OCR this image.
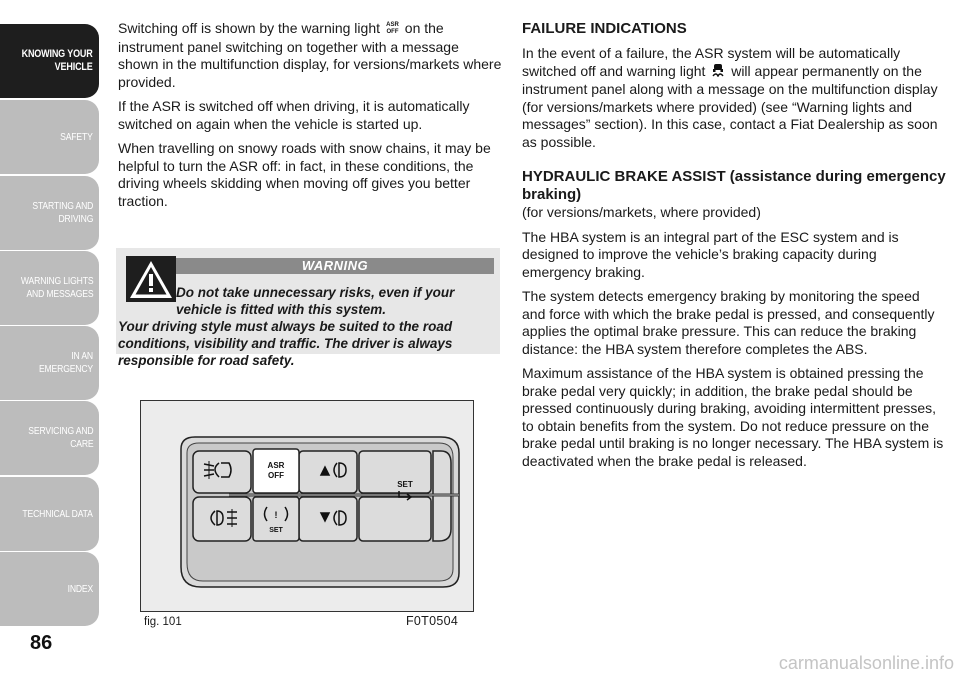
KNOWING YOUR
VEHICLE
SAFETY
STARTING AND
DRIVING
WARNING LIGHTS
AND MESSAGES
IN AN EMERGENCY
SERVICING AND
CARE
TECHNICAL DATA
INDEX
86

Switching off is shown by the warning light ASR
OFF on the instrument panel switching on together with a message shown in the multifunction display, for versions/markets where provided.

If the ASR is switched off when driving, it is automatically switched on again when the vehicle is started up.

When travelling on snowy roads with snow chains, it may be helpful to turn the ASR off: in fact, in these conditions, the driving wheels skidding when moving off gives you better traction.

WARNING
Do not take unnecessary risks, even if your vehicle is fitted with this system.
Your driving style must always be suited to the road conditions, visibility and traffic. The driver is always responsible for road safety.
ASR
OFF
!
SET
SET
fig. 101	F0T0504
FAILURE INDICATIONS

In the event of a failure, the ASR system will be automatically switched off and warning light will appear permanently on the instrument panel along with a message on the multifunction display (for versions/markets where provided) (see “Warning lights and messages” section). In this case, contact a Fiat Dealership as soon as possible.

HYDRAULIC BRAKE ASSIST (assistance during emergency braking)

(for versions/markets, where provided)

The HBA system is an integral part of the ESC system and is designed to improve the vehicle’s braking capacity during emergency braking.

The system detects emergency braking by monitoring the speed and force with which the brake pedal is pressed, and consequently applies the optimal brake pressure. This can reduce the braking distance: the HBA system therefore completes the ABS.

Maximum assistance of the HBA system is obtained pressing the brake pedal very quickly; in addition, the brake pedal should be pressed continuously during braking, avoiding intermittent presses, to obtain benefits from the system. Do not reduce pressure on the brake pedal until braking is no longer necessary. The HBA system is deactivated when the brake pedal is released.

carmanualsonline.info
